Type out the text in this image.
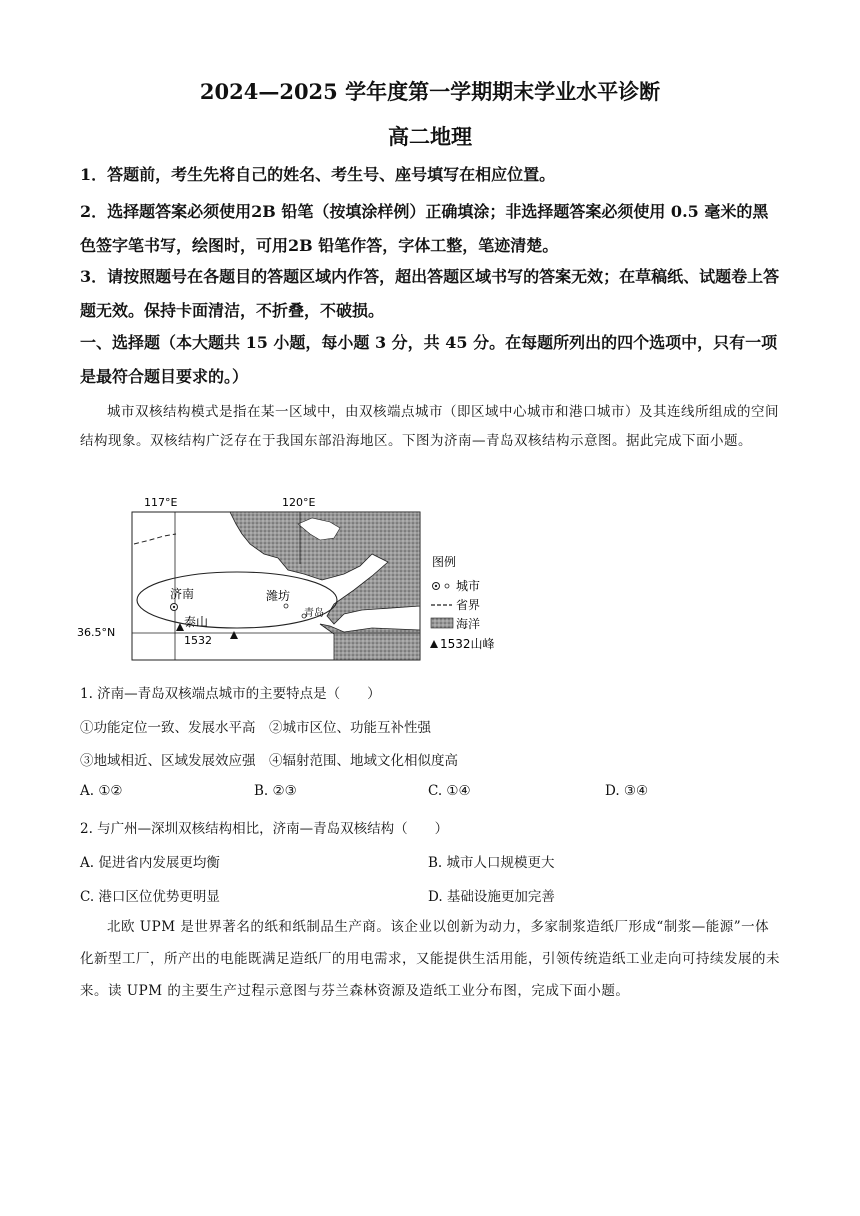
2024—2025 学年度第一学期期末学业水平诊断
高二地理

1．答题前，考生先将自己的姓名、考生号、座号填写在相应位置。

2．选择题答案必须使用2B 铅笔（按填涂样例）正确填涂；非选择题答案必须使用 0.5 毫米的黑色签字笔书写，绘图时，可用2B 铅笔作答，字体工整，笔迹清楚。

3．请按照题号在各题目的答题区域内作答，超出答题区域书写的答案无效；在草稿纸、试题卷上答题无效。保持卡面清洁，不折叠，不破损。

一、选择题（本大题共 15 小题，每小题 3 分，共 45 分。在每题所列出的四个选项中，只有一项是最符合题目要求的。）

城市双核结构模式是指在某一区域中，由双核端点城市（即区域中心城市和港口城市）及其连线所组成的空间结构现象。双核结构广泛存在于我国东部沿海地区。下图为济南—青岛双核结构示意图。据此完成下面小题。
117°E	120°E
36.5°N
济南	潍坊
青岛
泰山
1532
图例
城市
省界
海洋
1532山峰
1. 济南—青岛双核端点城市的主要特点是（　　）
①功能定位一致、发展水平高　②城市区位、功能互补性强
③地域相近、区域发展效应强　④辐射范围、地域文化相似度高
A. ①②	B. ②③	C. ①④	D. ③④
2. 与广州—深圳双核结构相比，济南—青岛双核结构（　　）
A. 促进省内发展更均衡	B. 城市人口规模更大
C. 港口区位优势更明显	D. 基础设施更加完善
北欧 UPM 是世界著名的纸和纸制品生产商。该企业以创新为动力，多家制浆造纸厂形成“制浆—能源”一体化新型工厂，所产出的电能既满足造纸厂的用电需求，又能提供生活用能，引领传统造纸工业走向可持续发展的未来。读 UPM 的主要生产过程示意图与芬兰森林资源及造纸工业分布图，完成下面小题。
